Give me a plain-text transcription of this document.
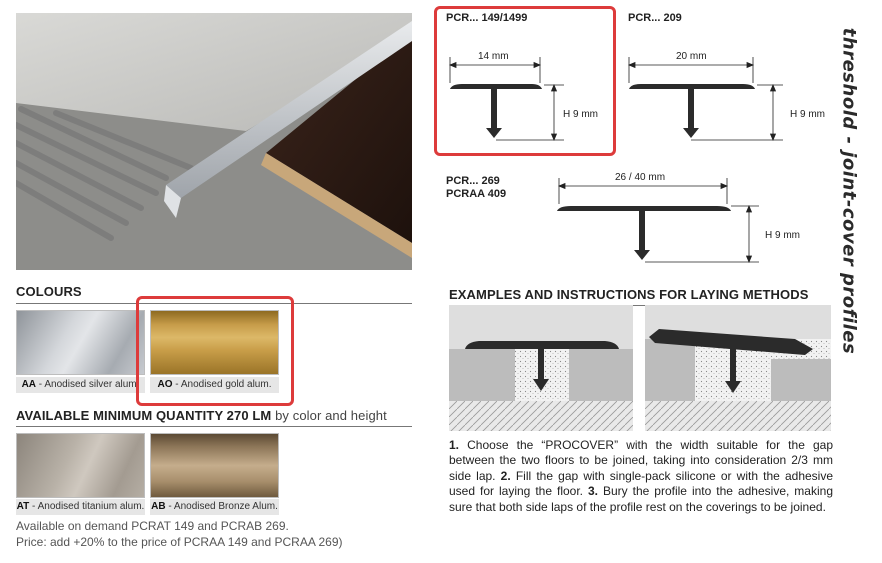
COLOURS
AA - Anodised silver alum.	AO - Anodised gold alum.
AVAILABLE MINIMUM QUANTITY 270 LM by color and height
AT - Anodised titanium alum. AB - Anodised Bronze Alum.
Available on demand PCRAT 149 and PCRAB 269.
Price: add +20% to the price of PCRAA 149 and PCRAA 269)
PCR... 149/1499
14 mm
H 9 mm
PCR... 209
20 mm
H 9 mm
PCR... 269
PCRAA 409
26 / 40 mm
H 9 mm
EXAMPLES AND INSTRUCTIONS FOR LAYING METHODS
1. Choose the “PROCOVER” with the width suitable for the gap between the two floors to be joined, taking into consideration 2/3 mm side lap. 2. Fill the gap with single-pack silicone or with the adhesive used for laying the floor. 3. Bury the profile into the adhesive, making sure that both side laps of the profile rest on the coverings to be joined.
threshold - joint-cover profiles
